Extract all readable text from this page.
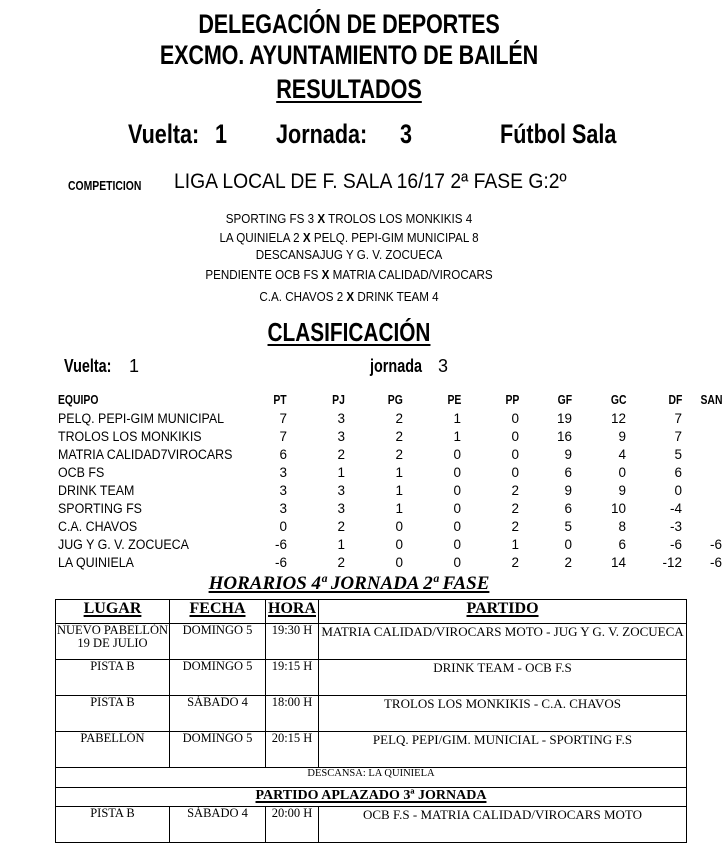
DELEGACIÓN DE DEPORTES
EXCMO. AYUNTAMIENTO DE BAILÉN
RESULTADOS
Vuelta: 1 Jornada: 3	Fútbol Sala
COMPETICION LIGA LOCAL DE F. SALA 16/17 2ª FASE G:2º
SPORTING FS 3 X TROLOS LOS MONKIKIS 4
LA QUINIELA 2 X PELQ. PEPI-GIM MUNICIPAL 8
DESCANSAJUG Y G. V. ZOCUECA
PENDIENTE OCB FS X MATRIA CALIDAD/VIROCARS
C.A. CHAVOS 2 X DRINK TEAM 4
CLASIFICACIÓN
Vuelta: 1	jornada 3
EQUIPO	PT	PJ	PG	PE	PP	GF	GC	DF	SAN
PELQ. PEPI-GIM MUNICIPAL	7	3	2	1	0	19	12	7	
TROLOS LOS MONKIKIS	7	3	2	1	0	16	9	7	
MATRIA CALIDAD7VIROCARS	6	2	2	0	0	9	4	5	
OCB FS	3	1	1	0	0	6	0	6	
DRINK TEAM	3	3	1	0	2	9	9	0	
SPORTING FS	3	3	1	0	2	6	10	-4	
C.A. CHAVOS	0	2	0	0	2	5	8	-3	
JUG Y G. V. ZOCUECA	-6	1	0	0	1	0	6	-6	-6
LA QUINIELA	-6	2	0	0	2	2	14	-12	-6
HORARIOS 4ª JORNADA 2ª FASE
LUGAR	FECHA	HORA	PARTIDO

NUEVO PABELLÓN
19 DE JULIO	DOMINGO 5	19:30 H	MATRIA CALIDAD/VIROCARS MOTO - JUG Y G. V. ZOCUECA
PISTA B	DOMINGO 5	19:15 H	DRINK TEAM - OCB F.S
PISTA B	SÁBADO 4	18:00 H	TROLOS LOS MONKIKIS - C.A. CHAVOS
PABELLÓN	DOMINGO 5	20:15 H	PELQ. PEPI/GIM. MUNICIAL - SPORTING F.S
DESCANSA: LA QUINIELA			
PARTIDO APLAZADO 3ª JORNADA			
PISTA B	SÁBADO 4	20:00 H	OCB F.S - MATRIA CALIDAD/VIROCARS MOTO
